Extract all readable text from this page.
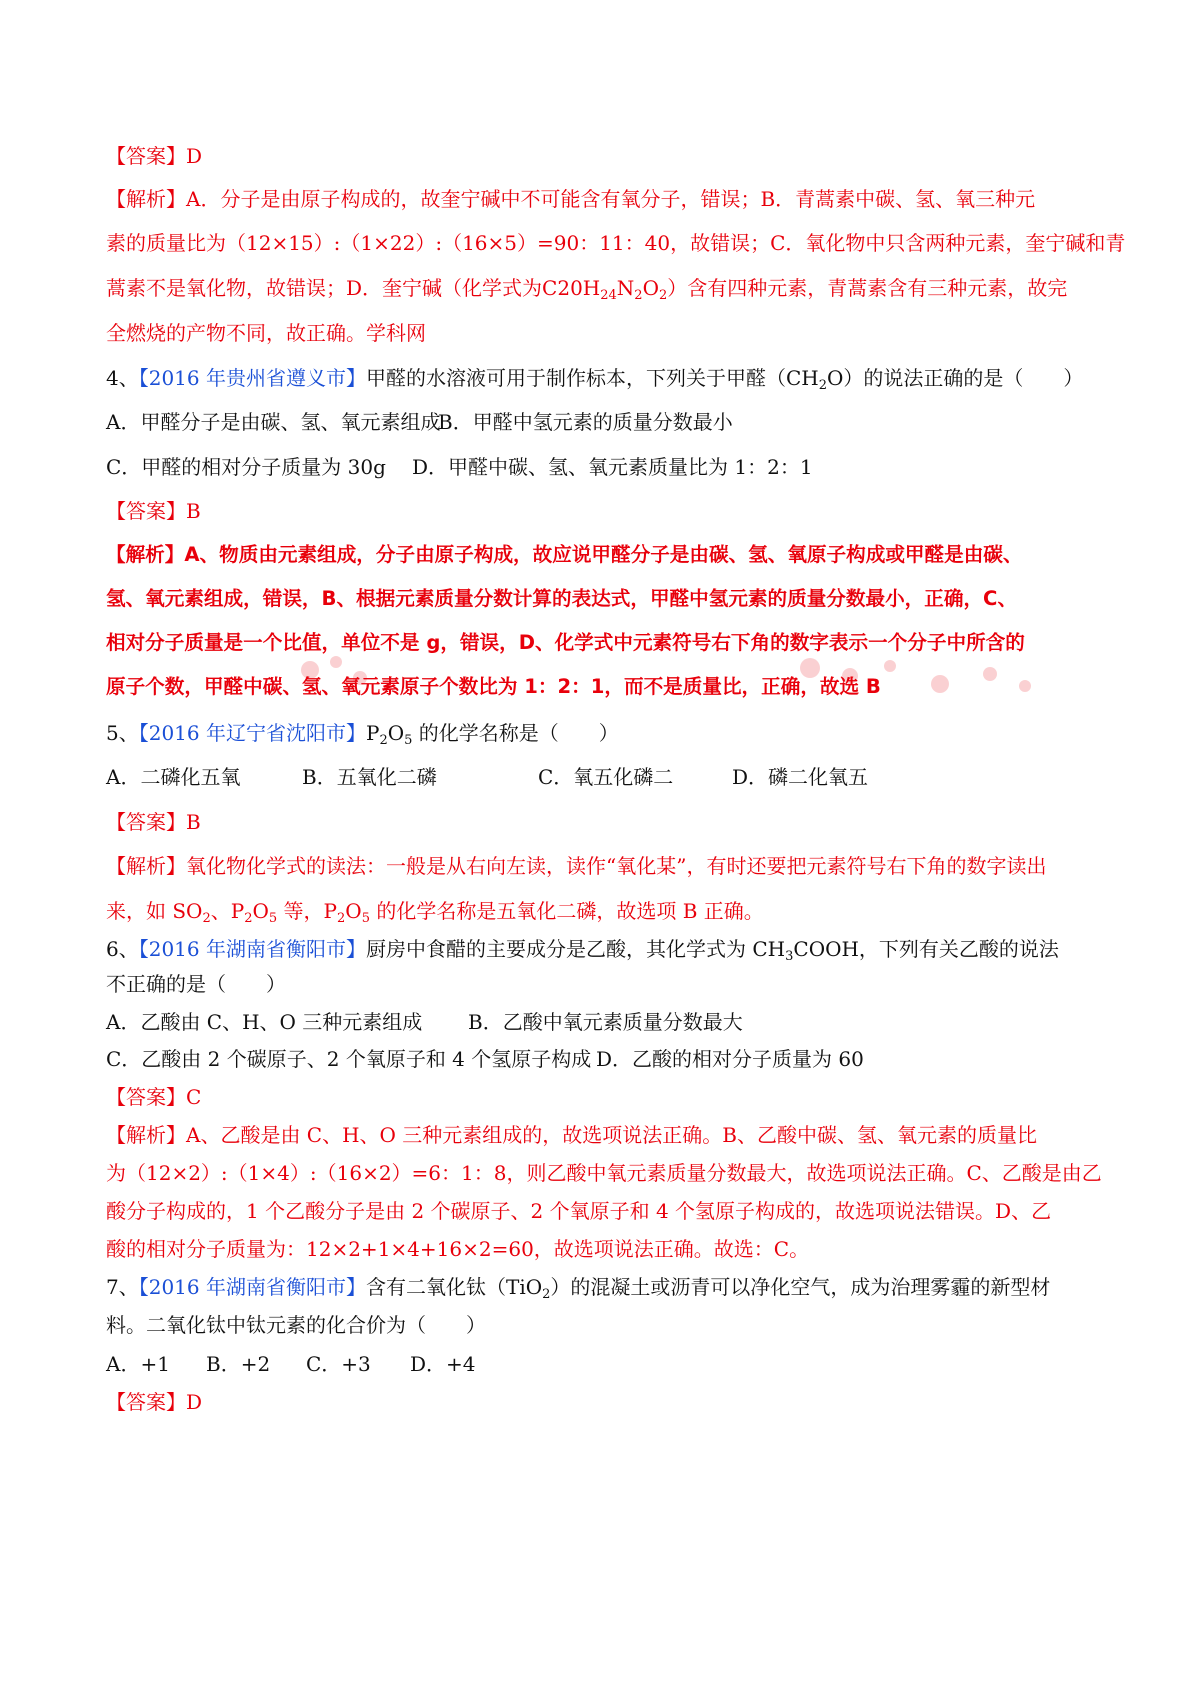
【答案】D
【解析】A．分子是由原子构成的，故奎宁碱中不可能含有氧分子，错误；B．青蒿素中碳、氢、氧三种元
素的质量比为（12×15）:（1×22）:（16×5）=90：11：40，故错误；C．氧化物中只含两种元素，奎宁碱和青
蒿素不是氧化物，故错误；D．奎宁碱（化学式为$C20H_{24}N_2O_2$）含有四种元素，青蒿素含有三种元素，故完
全燃烧的产物不同，故正确。学科网
4、【2016 年贵州省遵义市】甲醛的水溶液可用于制作标本，下列关于甲醛$(CH_2O)$的说法正确的是（　　）
A．甲醛分子是由碳、氢、氧元素组成
B．甲醛中氢元素的质量分数最小
C．甲醛的相对分子质量为 30g D．甲醛中碳、氢、氧元素质量比为 1：2：1
【答案】B
【解析】A、物质由元素组成，分子由原子构成，故应说甲醛分子是由碳、氢、氧原子构成或甲醛是由碳、
氢、氧元素组成，错误，B、根据元素质量分数计算的表达式，甲醛中氢元素的质量分数最小，正确，C、
相对分子质量是一个比值，单位不是 g，错误，D、化学式中元素符号右下角的数字表示一个分子中所含的
原子个数，甲醛中碳、氢、氧元素原子个数比为 1：2：1，而不是质量比，正确，故选 B
5、【2016 年辽宁省沈阳市】$P_2O_5$ 的化学名称是（　　）
A．二磷化五氧	B．五氧化二磷	C．氧五化磷二	D．磷二化氧五
【答案】B
【解析】氧化物化学式的读法：一般是从右向左读，读作“氧化某”，有时还要把元素符号右下角的数字读出
来，如 $SO_2$、$P_2O_5$ 等，$P_2O_5$ 的化学名称是五氧化二磷，故选项 B 正确。
6、【2016 年湖南省衡阳市】厨房中食醋的主要成分是乙酸，其化学式为 $CH_3COOH$，下列有关乙酸的说法
不正确的是（　　）
A．乙酸由 C、H、O 三种元素组成 B．乙酸中氧元素质量分数最大
C．乙酸由 2 个碳原子、2 个氧原子和 4 个氢原子构成 D．乙酸的相对分子质量为 60
【答案】C
【解析】A、乙酸是由 C、H、O 三种元素组成的，故选项说法正确。B、乙酸中碳、氢、氧元素的质量比
为（12×2）:（1×4）:（16×2）=6：1：8，则乙酸中氧元素质量分数最大，故选项说法正确。C、乙酸是由乙
酸分子构成的，1 个乙酸分子是由 2 个碳原子、2 个氧原子和 4 个氢原子构成的，故选项说法错误。D、乙
酸的相对分子质量为：12×2+1×4+16×2=60，故选项说法正确。故选：C。
7、【2016 年湖南省衡阳市】含有二氧化钛（TiO$_2$）的混凝土或沥青可以净化空气，成为治理雾霾的新型材
料。二氧化钛中钛元素的化合价为（　　）
A．+1 B．+2 C．+3 D．+4
【答案】D
